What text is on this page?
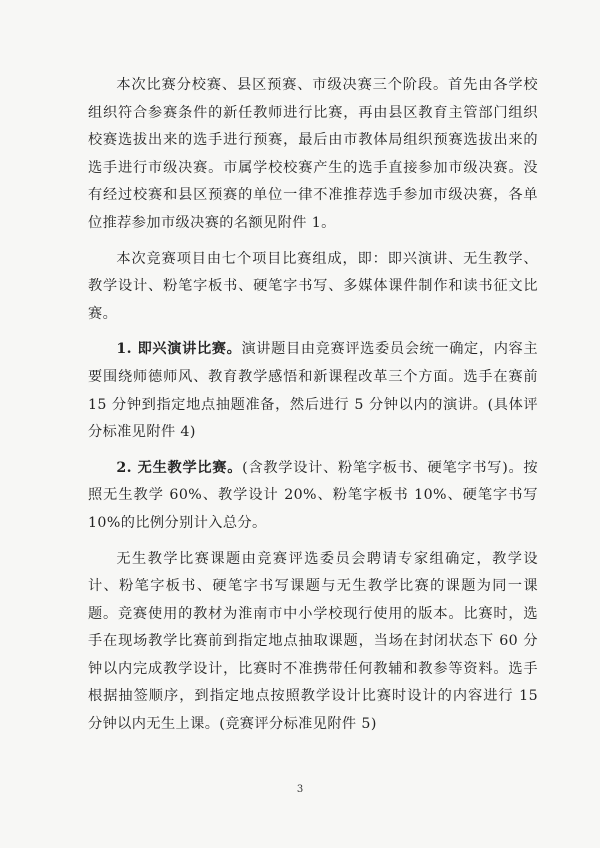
本次比赛分校赛、县区预赛、市级决赛三个阶段。首先由各学校组织符合参赛条件的新任教师进行比赛，再由县区教育主管部门组织校赛选拔出来的选手进行预赛，最后由市教体局组织预赛选拔出来的选手进行市级决赛。市属学校校赛产生的选手直接参加市级决赛。没有经过校赛和县区预赛的单位一律不准推荐选手参加市级决赛，各单位推荐参加市级决赛的名额见附件 1。

本次竞赛项目由七个项目比赛组成，即：即兴演讲、无生教学、教学设计、粉笔字板书、硬笔字书写、多媒体课件制作和读书征文比赛。

1. 即兴演讲比赛。演讲题目由竞赛评选委员会统一确定，内容主要围绕师德师风、教育教学感悟和新课程改革三个方面。选手在赛前 15 分钟到指定地点抽题准备，然后进行 5 分钟以内的演讲。(具体评分标准见附件 4)

2. 无生教学比赛。(含教学设计、粉笔字板书、硬笔字书写)。按照无生教学 60%、教学设计 20%、粉笔字板书 10%、硬笔字书写 10%的比例分别计入总分。

无生教学比赛课题由竞赛评选委员会聘请专家组确定，教学设计、粉笔字板书、硬笔字书写课题与无生教学比赛的课题为同一课题。竞赛使用的教材为淮南市中小学校现行使用的版本。比赛时，选手在现场教学比赛前到指定地点抽取课题，当场在封闭状态下 60 分钟以内完成教学设计，比赛时不准携带任何教辅和教参等资料。选手根据抽签顺序，到指定地点按照教学设计比赛时设计的内容进行 15 分钟以内无生上课。(竞赛评分标准见附件 5)

3
